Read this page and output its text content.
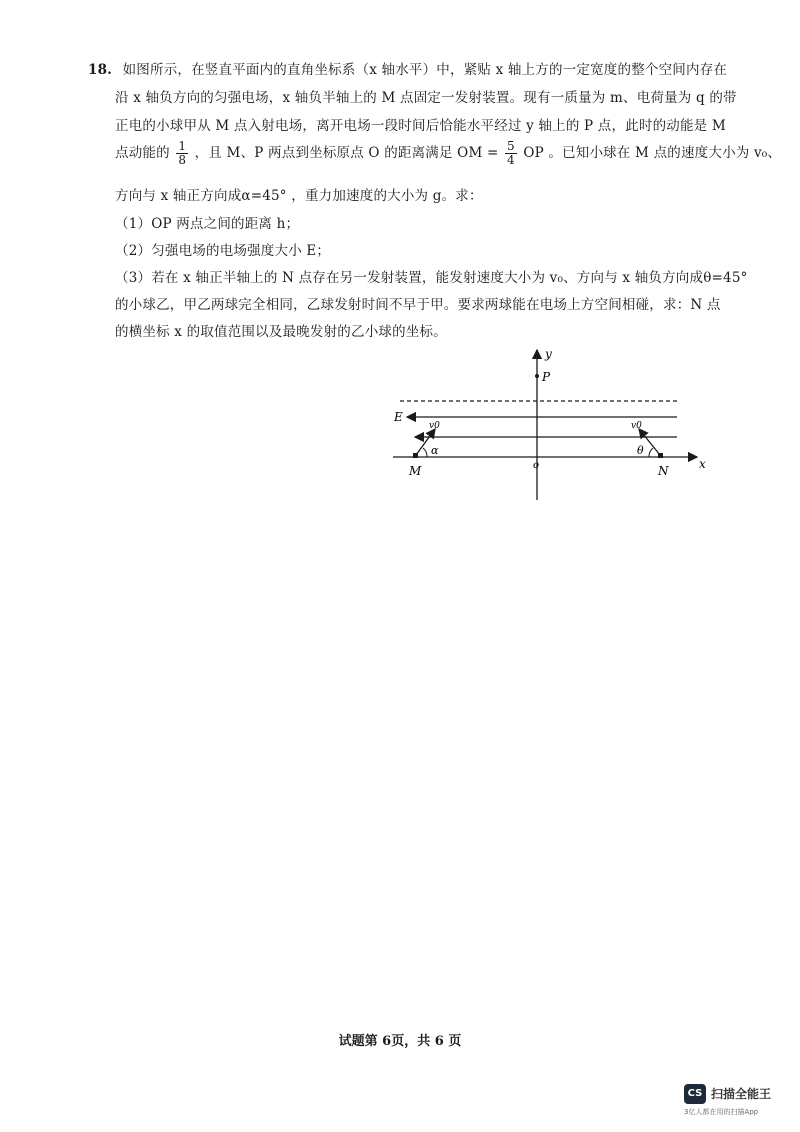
18. 如图所示，在竖直平面内的直角坐标系（x 轴水平）中，紧贴 x 轴上方的一定宽度的整个空间内存在
沿 x 轴负方向的匀强电场，x 轴负半轴上的 M 点固定一发射装置。现有一质量为 m、电荷量为 q 的带
正电的小球甲从 M 点入射电场，离开电场一段时间后恰能水平经过 y 轴上的 P 点，此时的动能是 M
点动能的 $\frac{1}{8}$ ，且 M、P 两点到坐标原点 O 的距离满足 OM = $\frac{5}{4}$ OP 。已知小球在 M 点的速度大小为 v₀、
方向与 x 轴正方向成α=45° ，重力加速度的大小为 g。求：
（1）OP 两点之间的距离 h；
（2）匀强电场的电场强度大小 E；
（3）若在 x 轴正半轴上的 N 点存在另一发射装置，能发射速度大小为 v₀、方向与 x 轴负方向成θ=45°
的小球乙，甲乙两球完全相同，乙球发射时间不早于甲。要求两球能在电场上方空间相碰，求：N 点
的横坐标 x 的取值范围以及最晚发射的乙小球的坐标。
y
P
E
x
o
M
v0
α
N
v0
θ
试题第 6页，共 6 页
CS 扫描全能王
3亿人都在用的扫描App
